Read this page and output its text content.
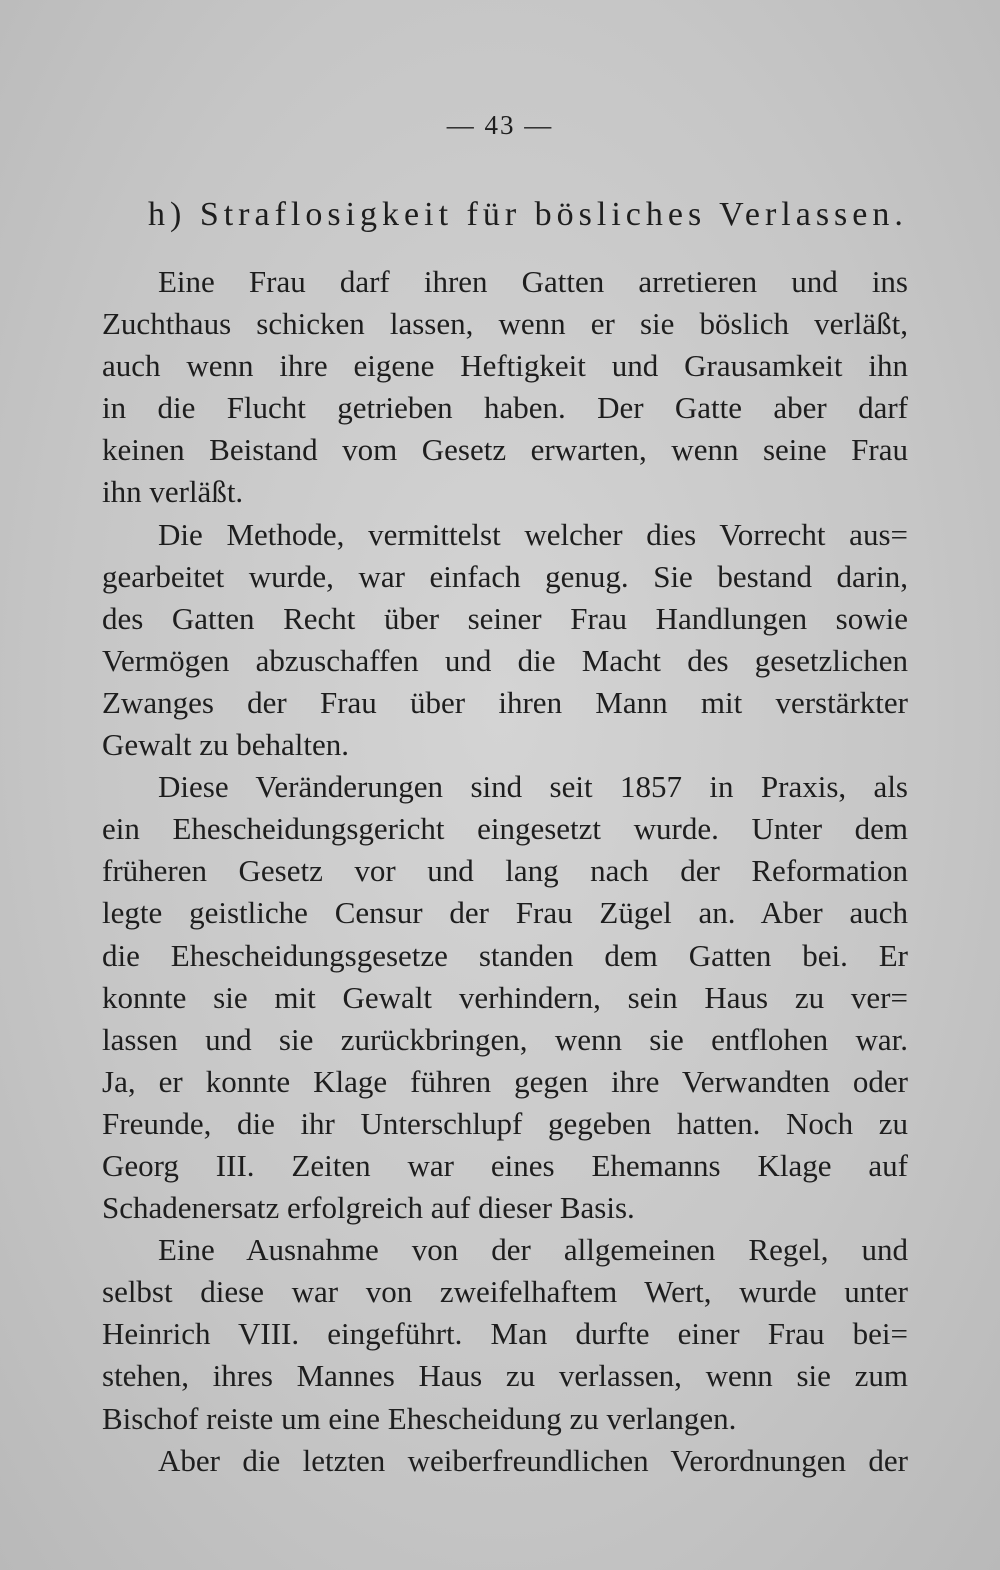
— 43 —
h) Straflosigkeit für bösliches Verlassen.
Eine Frau darf ihren Gatten arretieren und ins
Zuchthaus schicken lassen, wenn er sie böslich verläßt,
auch wenn ihre eigene Heftigkeit und Grausamkeit ihn
in die Flucht getrieben haben. Der Gatte aber darf
keinen Beistand vom Gesetz erwarten, wenn seine Frau
ihn verläßt.
Die Methode, vermittelst welcher dies Vorrecht aus=
gearbeitet wurde, war einfach genug. Sie bestand darin,
des Gatten Recht über seiner Frau Handlungen sowie
Vermögen abzuschaffen und die Macht des gesetzlichen
Zwanges der Frau über ihren Mann mit verstärkter
Gewalt zu behalten.
Diese Veränderungen sind seit 1857 in Praxis, als
ein Ehescheidungsgericht eingesetzt wurde. Unter dem
früheren Gesetz vor und lang nach der Reformation
legte geistliche Censur der Frau Zügel an. Aber auch
die Ehescheidungsgesetze standen dem Gatten bei. Er
konnte sie mit Gewalt verhindern, sein Haus zu ver=
lassen und sie zurückbringen, wenn sie entflohen war.
Ja, er konnte Klage führen gegen ihre Verwandten oder
Freunde, die ihr Unterschlupf gegeben hatten. Noch zu
Georg III. Zeiten war eines Ehemanns Klage auf
Schadenersatz erfolgreich auf dieser Basis.
Eine Ausnahme von der allgemeinen Regel, und
selbst diese war von zweifelhaftem Wert, wurde unter
Heinrich VIII. eingeführt. Man durfte einer Frau bei=
stehen, ihres Mannes Haus zu verlassen, wenn sie zum
Bischof reiste um eine Ehescheidung zu verlangen.
Aber die letzten weiberfreundlichen Verordnungen der
